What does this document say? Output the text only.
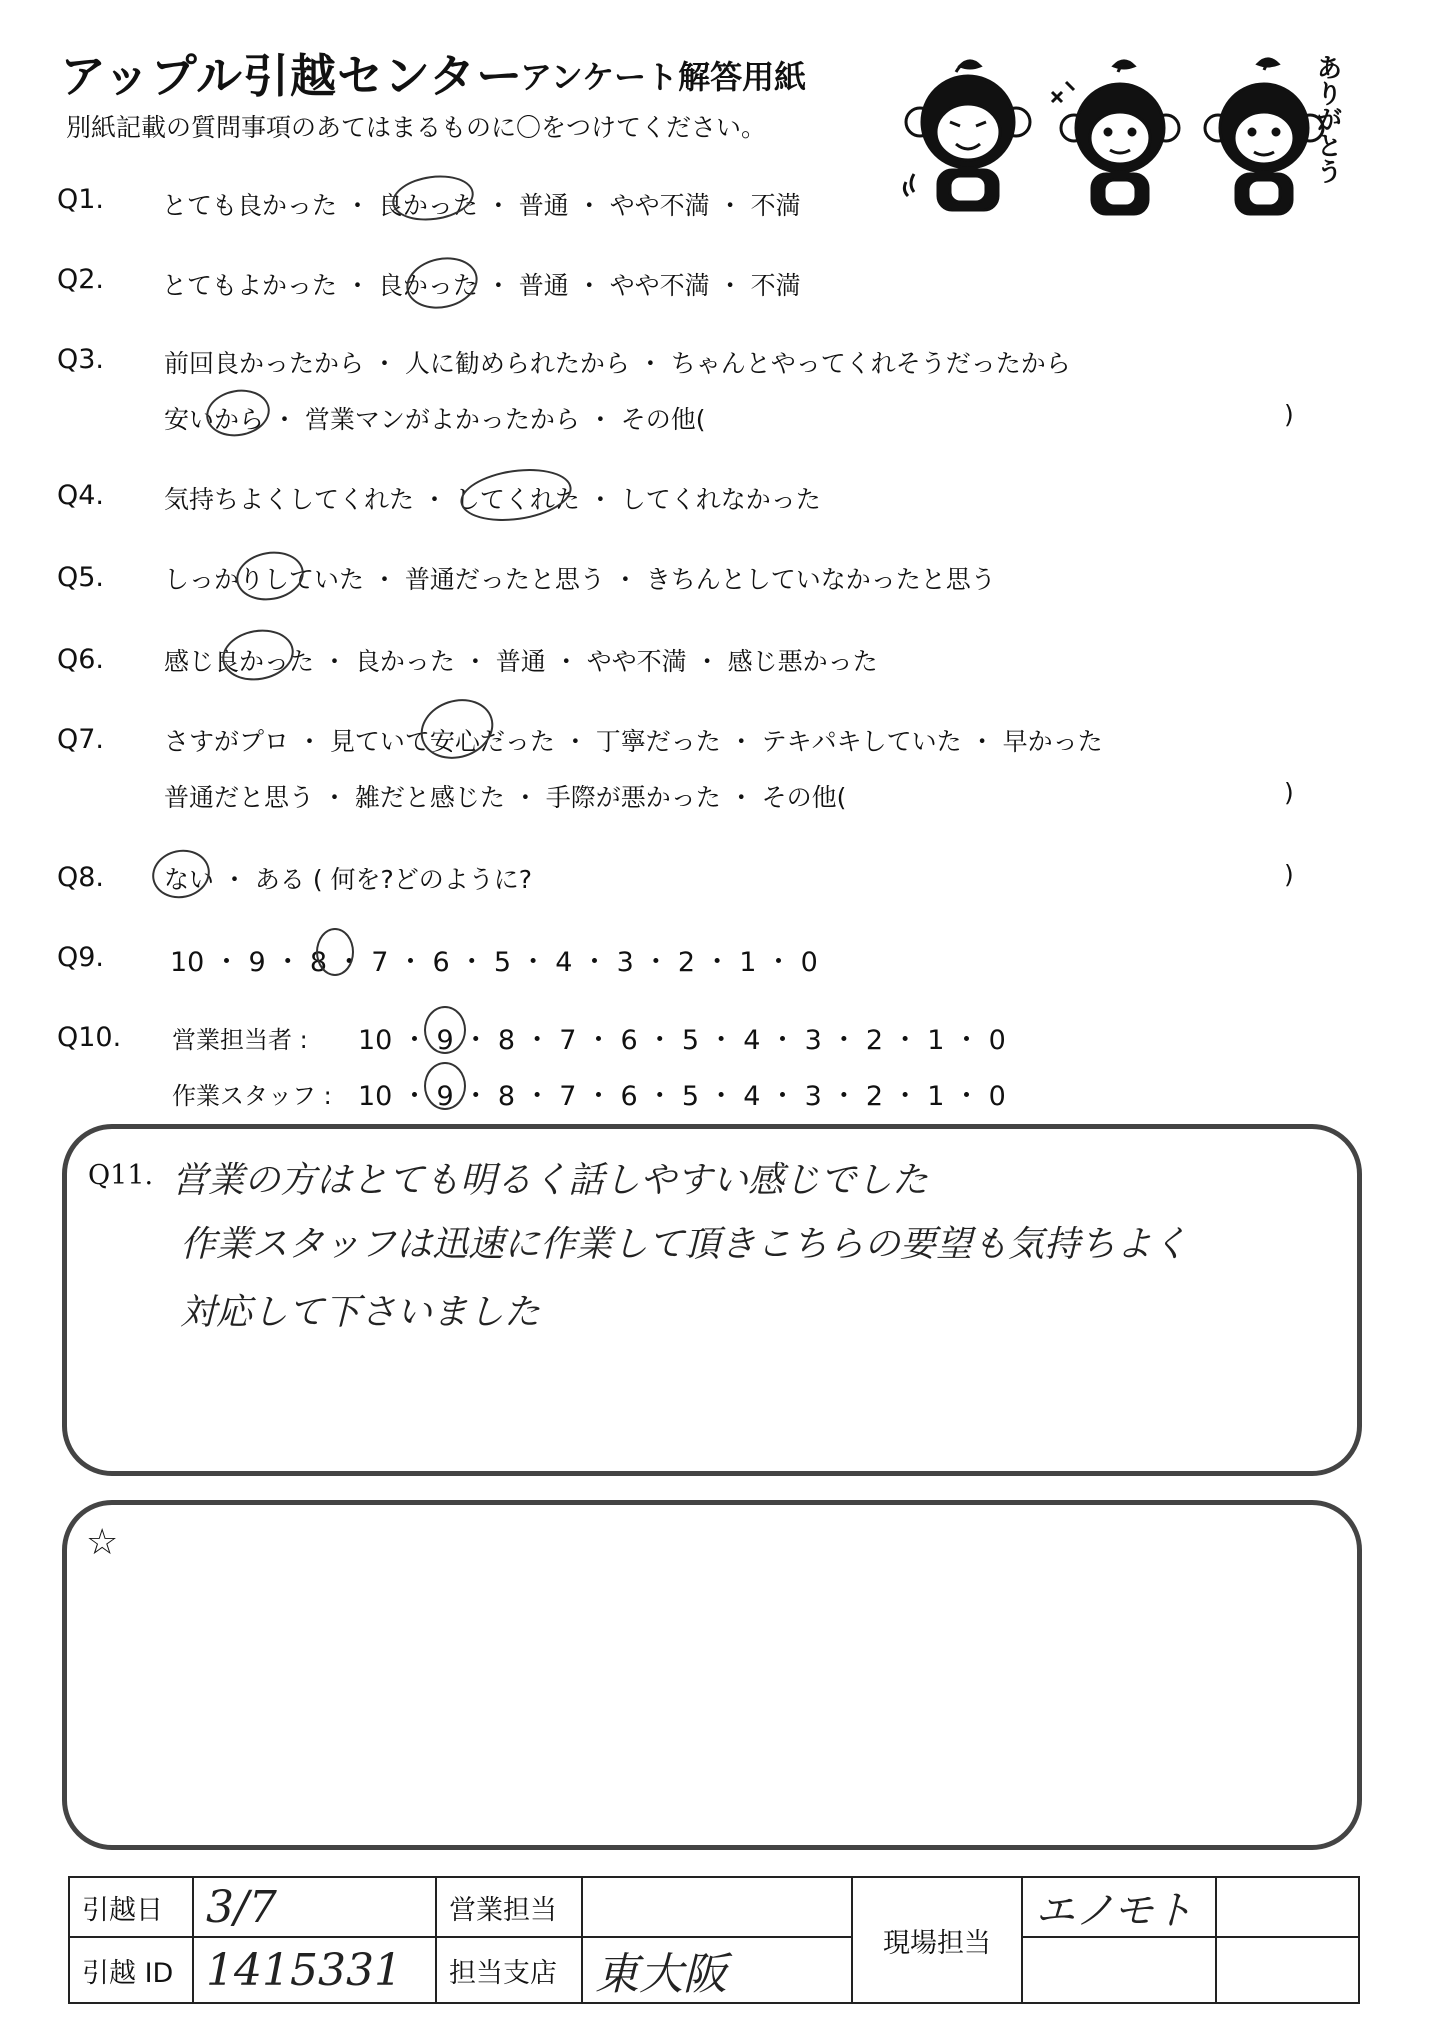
アップル引越センター
アンケート解答用紙
別紙記載の質問事項のあてはまるものに〇をつけてください。	ありがとう
Q1. とても良かった ・ 良かった ・ 普通 ・ やや不満 ・ 不満
Q2. とてもよかった ・ 良かった ・ 普通 ・ やや不満 ・ 不満
Q3. 前回良かったから ・ 人に勧められたから ・ ちゃんとやってくれそうだったから
安いから ・ 営業マンがよかったから ・ その他(	)
Q4. 気持ちよくしてくれた ・ してくれた ・ してくれなかった
Q5. しっかりしていた ・ 普通だったと思う ・ きちんとしていなかったと思う
Q6. 感じ良かった ・ 良かった ・ 普通 ・ やや不満 ・ 感じ悪かった
Q7. さすがプロ ・ 見ていて安心だった ・ 丁寧だった ・ テキパキしていた ・ 早かった
普通だと思う ・ 雑だと感じた ・ 手際が悪かった ・ その他(	)
Q8. ない ・ ある ( 何を?どのように?	)
Q9. 10 ・ 9 ・ 8 ・ 7 ・ 6 ・ 5 ・ 4 ・ 3 ・ 2 ・ 1 ・ 0
Q10. 営業担当者 : 10 ・ 9 ・ 8 ・ 7 ・ 6 ・ 5 ・ 4 ・ 3 ・ 2 ・ 1 ・ 0
作業スタッフ : 10 ・ 9 ・ 8 ・ 7 ・ 6 ・ 5 ・ 4 ・ 3 ・ 2 ・ 1 ・ 0
Q11. 営業の方はとても明るく話しやすい感じでした
作業スタッフは迅速に作業して頂きこちらの要望も気持ちよく
対応して下さいました
☆
引越日	3/7	営業担当		現場担当	エノモト	
引越 ID	1415331	担当支店	東大阪			
